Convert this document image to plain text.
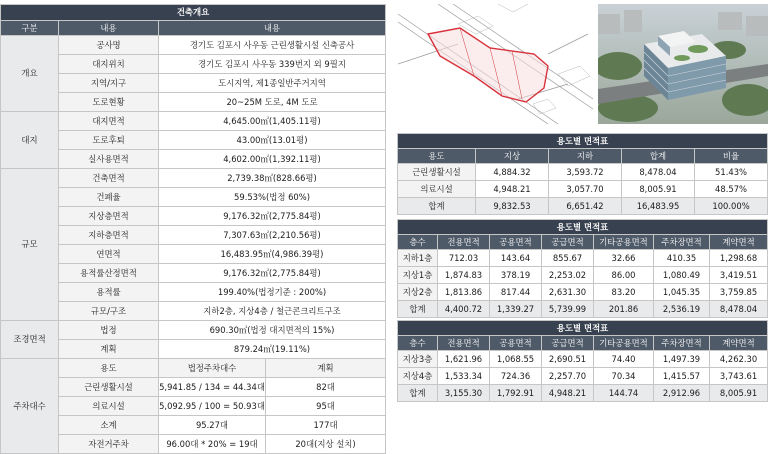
건축개요			
구분	내용	내용	
개요	공사명	경기도 김포시 사우동 근린생활시설 신축공사	
	대지위치	경기도 김포시 사우동 339번지 외 9필지	
	지역/지구	도시지역, 제1종일반주거지역	
	도로현황	20~25M 도로, 4M 도로	
대지	대지면적	4,645.00㎡(1,405.11평)	
	도로후퇴	43.00㎡(13.01평)	
	실사용면적	4,602.00㎡(1,392.11평)	
규모	건축면적	2,739.38㎡(828.66평)	
	건폐율	59.53%(법정 60%)	
	지상층면적	9,176.32㎡(2,775.84평)	
	지하층면적	7,307.63㎡(2,210.56평)	
	연면적	16,483.95㎡(4,986.39평)	
	용적률산정면적	9,176.32㎡(2,775.84평)	
	용적률	199.40%(법정기준 : 200%)	
	규모/구조	지하2층, 지상4층 / 철근콘크리트구조	
조경면적	법정	690.30㎡(법정 대지면적의 15%)	
	계획	879.24㎡(19.11%)	
주차대수	용도	법정주차대수	계획
	근린생활시설	5,941.85 / 134 = 44.34대	82대
	의료시설	5,092.95 / 100 = 50.93대	95대
	소계	95.27대	177대
	자전거주차	96.00대 * 20% = 19대	20대(지상 설치)
용도별 면적표				
용도	지상	지하	합계	비율
근린생활시설	4,884.32	3,593.72	8,478.04	51.43%
의료시설	4,948.21	3,057.70	8,005.91	48.57%
합계	9,832.53	6,651.42	16,483.95	100.00%
용도별 면적표						
층수	전용면적	공용면적	공급면적	기타공용면적	주차장면적	계약면적
지하1층	712.03	143.64	855.67	32.66	410.35	1,298.68
지상1층	1,874.83	378.19	2,253.02	86.00	1,080.49	3,419.51
지상2층	1,813.86	817.44	2,631.30	83.20	1,045.35	3,759.85
합계	4,400.72	1,339.27	5,739.99	201.86	2,536.19	8,478.04
용도별 면적표						
층수	전용면적	공용면적	공급면적	기타공용면적	주차장면적	계약면적
지상3층	1,621.96	1,068.55	2,690.51	74.40	1,497.39	4,262.30
지상4층	1,533.34	724.36	2,257.70	70.34	1,415.57	3,743.61
합계	3,155.30	1,792.91	4,948.21	144.74	2,912.96	8,005.91
